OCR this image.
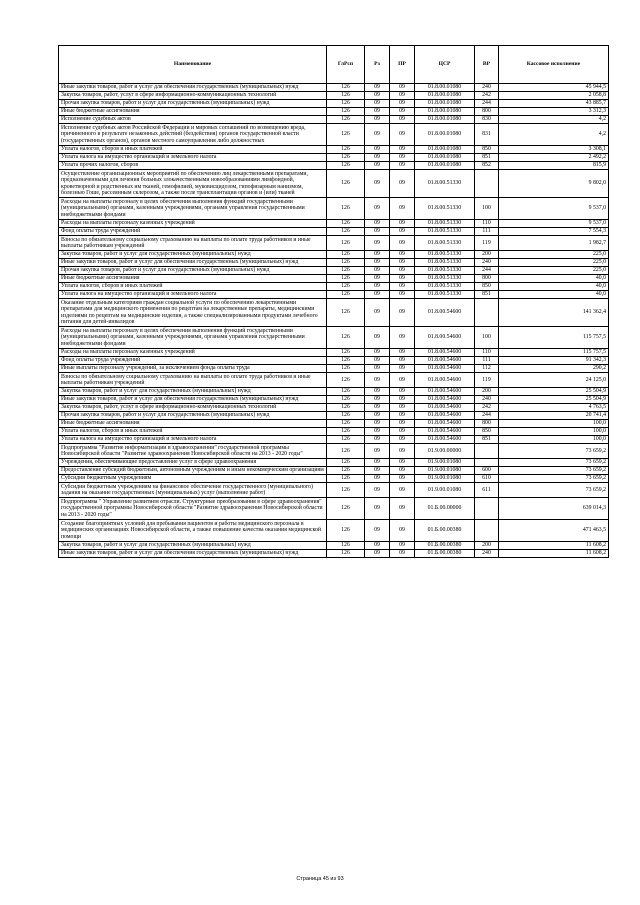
Наименование	ГлРсп	Рз	ПР	ЦСР	ВР	Кассовое исполнение
Иные закупки товаров, работ и услуг для обеспечения государственных (муниципальных) нужд	126	09	09	01.8.00.01080	240	45 944,5
Закупка товаров, работ, услуг в сфере информационно-коммуникационных технологий	126	09	09	01.8.00.01080	242	2 058,8
Прочая закупка товаров, работ и услуг для государственных (муниципальных) нужд	126	09	09	01.8.00.01080	244	43 885,7
Иные бюджетные ассигнования	126	09	09	01.8.00.01080	800	3 312,3
Исполнение судебных актов	126	09	09	01.8.00.01080	830	4,2
Исполнение судебных актов Российской Федерации и мировых соглашений по возмещению вреда, причиненного в результате незаконных действий (бездействия) органов государственной власти (государственных органов), органов местного самоуправления либо должностных	126	09	09	01.8.00.01080	831	4,2
Уплата налогов, сборов и иных платежей	126	09	09	01.8.00.01080	850	3 308,1
Уплата налога на имущество организаций и земельного налога	126	09	09	01.8.00.01080	851	2 492,2
Уплата прочих налогов, сборов	126	09	09	01.8.00.01080	852	815,9
Осуществление организационных мероприятий по обеспечению лиц лекарственными препаратами, предназначенными для лечения больных злокачественными новообразованиями лимфоидной, кроветворной и родственных им тканей, гемофилией, муковисцидозом, гипофизарным нанизмом, болезнью Гоше, рассеянным склерозом, а также после трансплантации органов и (или) тканей	126	09	09	01.8.00.51330		9 802,0
Расходы на выплаты персоналу в целях обеспечения выполнения функций государственными (муниципальными) органами, казенными учреждениями, органами управления государственными внебюджетными фондами	126	09	09	01.8.00.51330	100	9 537,0
Расходы на выплаты персоналу казенных учреждений	126	09	09	01.8.00.51330	110	9 537,0
Фонд оплаты труда учреждений	126	09	09	01.8.00.51330	111	7 554,3
Взносы по обязательному социальному страхованию на выплаты по оплате труда работников и иные выплаты работникам учреждений	126	09	09	01.8.00.51330	119	1 982,7
Закупка товаров, работ и услуг для государственных (муниципальных) нужд	126	09	09	01.8.00.51330	200	225,0
Иные закупки товаров, работ и услуг для обеспечения государственных (муниципальных) нужд	126	09	09	01.8.00.51330	240	225,0
Прочая закупка товаров, работ и услуг для государственных (муниципальных) нужд	126	09	09	01.8.00.51330	244	225,0
Иные бюджетные ассигнования	126	09	09	01.8.00.51330	800	40,0
Уплата налогов, сборов и иных платежей	126	09	09	01.8.00.51330	850	40,0
Уплата налога на имущество организаций и земельного налога	126	09	09	01.8.00.51330	851	40,0
Оказание отдельным категориям граждан социальной услуги по обеспечению лекарственными препаратами для медицинского применения по рецептам на лекарственные препараты, медицинскими изделиями по рецептам на медицинские изделия, а также специализированными продуктами лечебного питания для детей-инвалидов	126	09	09	01.8.00.54600		141 362,4
Расходы на выплаты персоналу в целях обеспечения выполнения функций государственными (муниципальными) органами, казенными учреждениями, органами управления государственными внебюджетными фондами	126	09	09	01.8.00.54600	100	115 757,5
Расходы на выплаты персоналу казенных учреждений	126	09	09	01.8.00.54600	110	115 757,5
Фонд оплаты труда учреждений	126	09	09	01.8.00.54600	111	91 342,3
Иные выплаты персоналу учреждений, за исключением фонда оплаты труда	126	09	09	01.8.00.54600	112	290,2
Взносы по обязательному социальному страхованию на выплаты по оплате труда работников и иные выплаты работникам учреждений	126	09	09	01.8.00.54600	119	24 125,0
Закупка товаров, работ и услуг для государственных (муниципальных) нужд	126	09	09	01.8.00.54600	200	25 504,9
Иные закупки товаров, работ и услуг для обеспечения государственных (муниципальных) нужд	126	09	09	01.8.00.54600	240	25 504,9
Закупка товаров, работ, услуг в сфере информационно-коммуникационных технологий	126	09	09	01.8.00.54600	242	4 763,5
Прочая закупка товаров, работ и услуг для государственных (муниципальных) нужд	126	09	09	01.8.00.54600	244	20 741,4
Иные бюджетные ассигнования	126	09	09	01.8.00.54600	800	100,0
Уплата налогов, сборов и иных платежей	126	09	09	01.8.00.54600	850	100,0
Уплата налога на имущество организаций и земельного налога	126	09	09	01.8.00.54600	851	100,0
Подпрограмма "Развитие информатизации в здравоохранении" государственной программы Новосибирской области "Развитие здравоохранения Новосибирской области на 2013 - 2020 годы"	126	09	09	01.9.00.00000		73 659,2
Учреждения, обеспечивающие предоставление услуг в сфере здравоохранения	126	09	09	01.9.00.01080		73 659,2
Предоставление субсидий бюджетным, автономным учреждениям и иным некоммерческим организациям	126	09	09	01.9.00.01080	600	73 659,2
Субсидии бюджетным учреждениям	126	09	09	01.9.00.01080	610	73 659,2
Субсидии бюджетным учреждениям на финансовое обеспечение государственного (муниципального) задания на оказание государственных (муниципальных) услуг (выполнение работ)	126	09	09	01.9.00.01080	611	73 659,2
Подпрограмма " Управление развитием отрасли. Структурные преобразования в сфере здравоохранения" государственной программы Новосибирской области "Развитие здравоохранения Новосибирской области на 2013 - 2020 годы"	126	09	09	01.Б.00.00000		639 014,3
Создание благоприятных условий для пребывания пациентов и работы медицинского персонала в медицинских организациях Новосибирской области, а также повышение качества оказания медицинской помощи	126	09	09	01.Б.00.00380		471 463,5
Закупка товаров, работ и услуг для государственных (муниципальных) нужд	126	09	09	01.Б.00.00380	200	11 608,2
Иные закупки товаров, работ и услуг для обеспечения государственных (муниципальных) нужд	126	09	09	01.Б.00.00380	240	11 608,2
Страница 45 из 93
